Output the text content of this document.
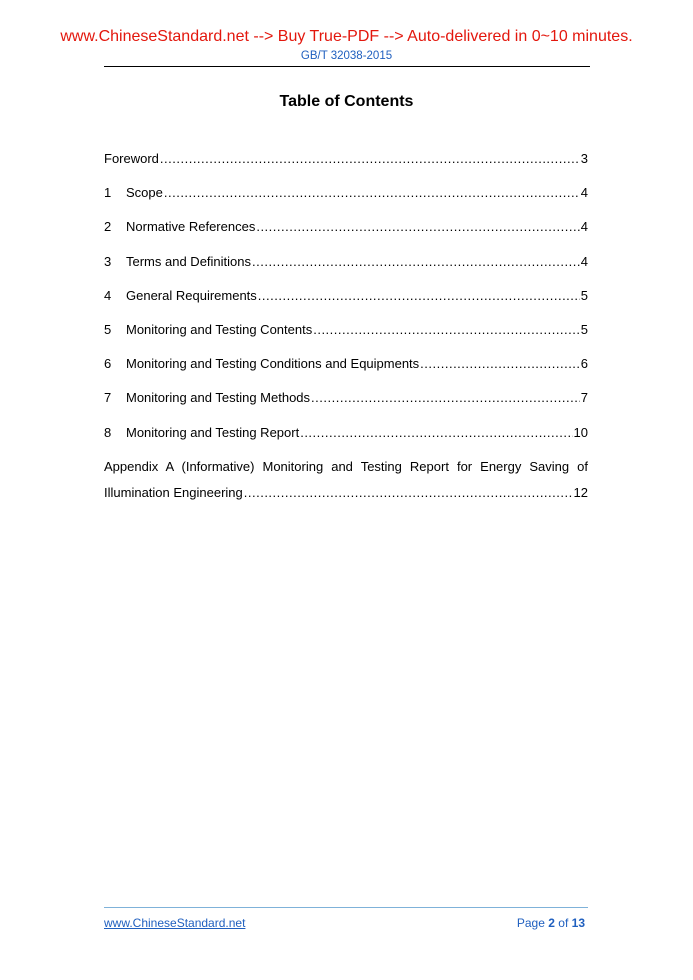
www.ChineseStandard.net --> Buy True-PDF --> Auto-delivered in 0~10 minutes.
GB/T 32038-2015
Table of Contents
Foreword .....	3
1	Scope .....	4
2	Normative References .....	4
3	Terms and Definitions .....	4
4	General Requirements .....	5
5	Monitoring and Testing Contents .....	5
6	Monitoring and Testing Conditions and Equipments .....	6
7	Monitoring and Testing Methods .....	7
8	Monitoring and Testing Report .....	10
Appendix A (Informative) Monitoring and Testing Report for Energy Saving of
Illumination Engineering .....	12
www.ChineseStandard.net	Page 2 of 13
